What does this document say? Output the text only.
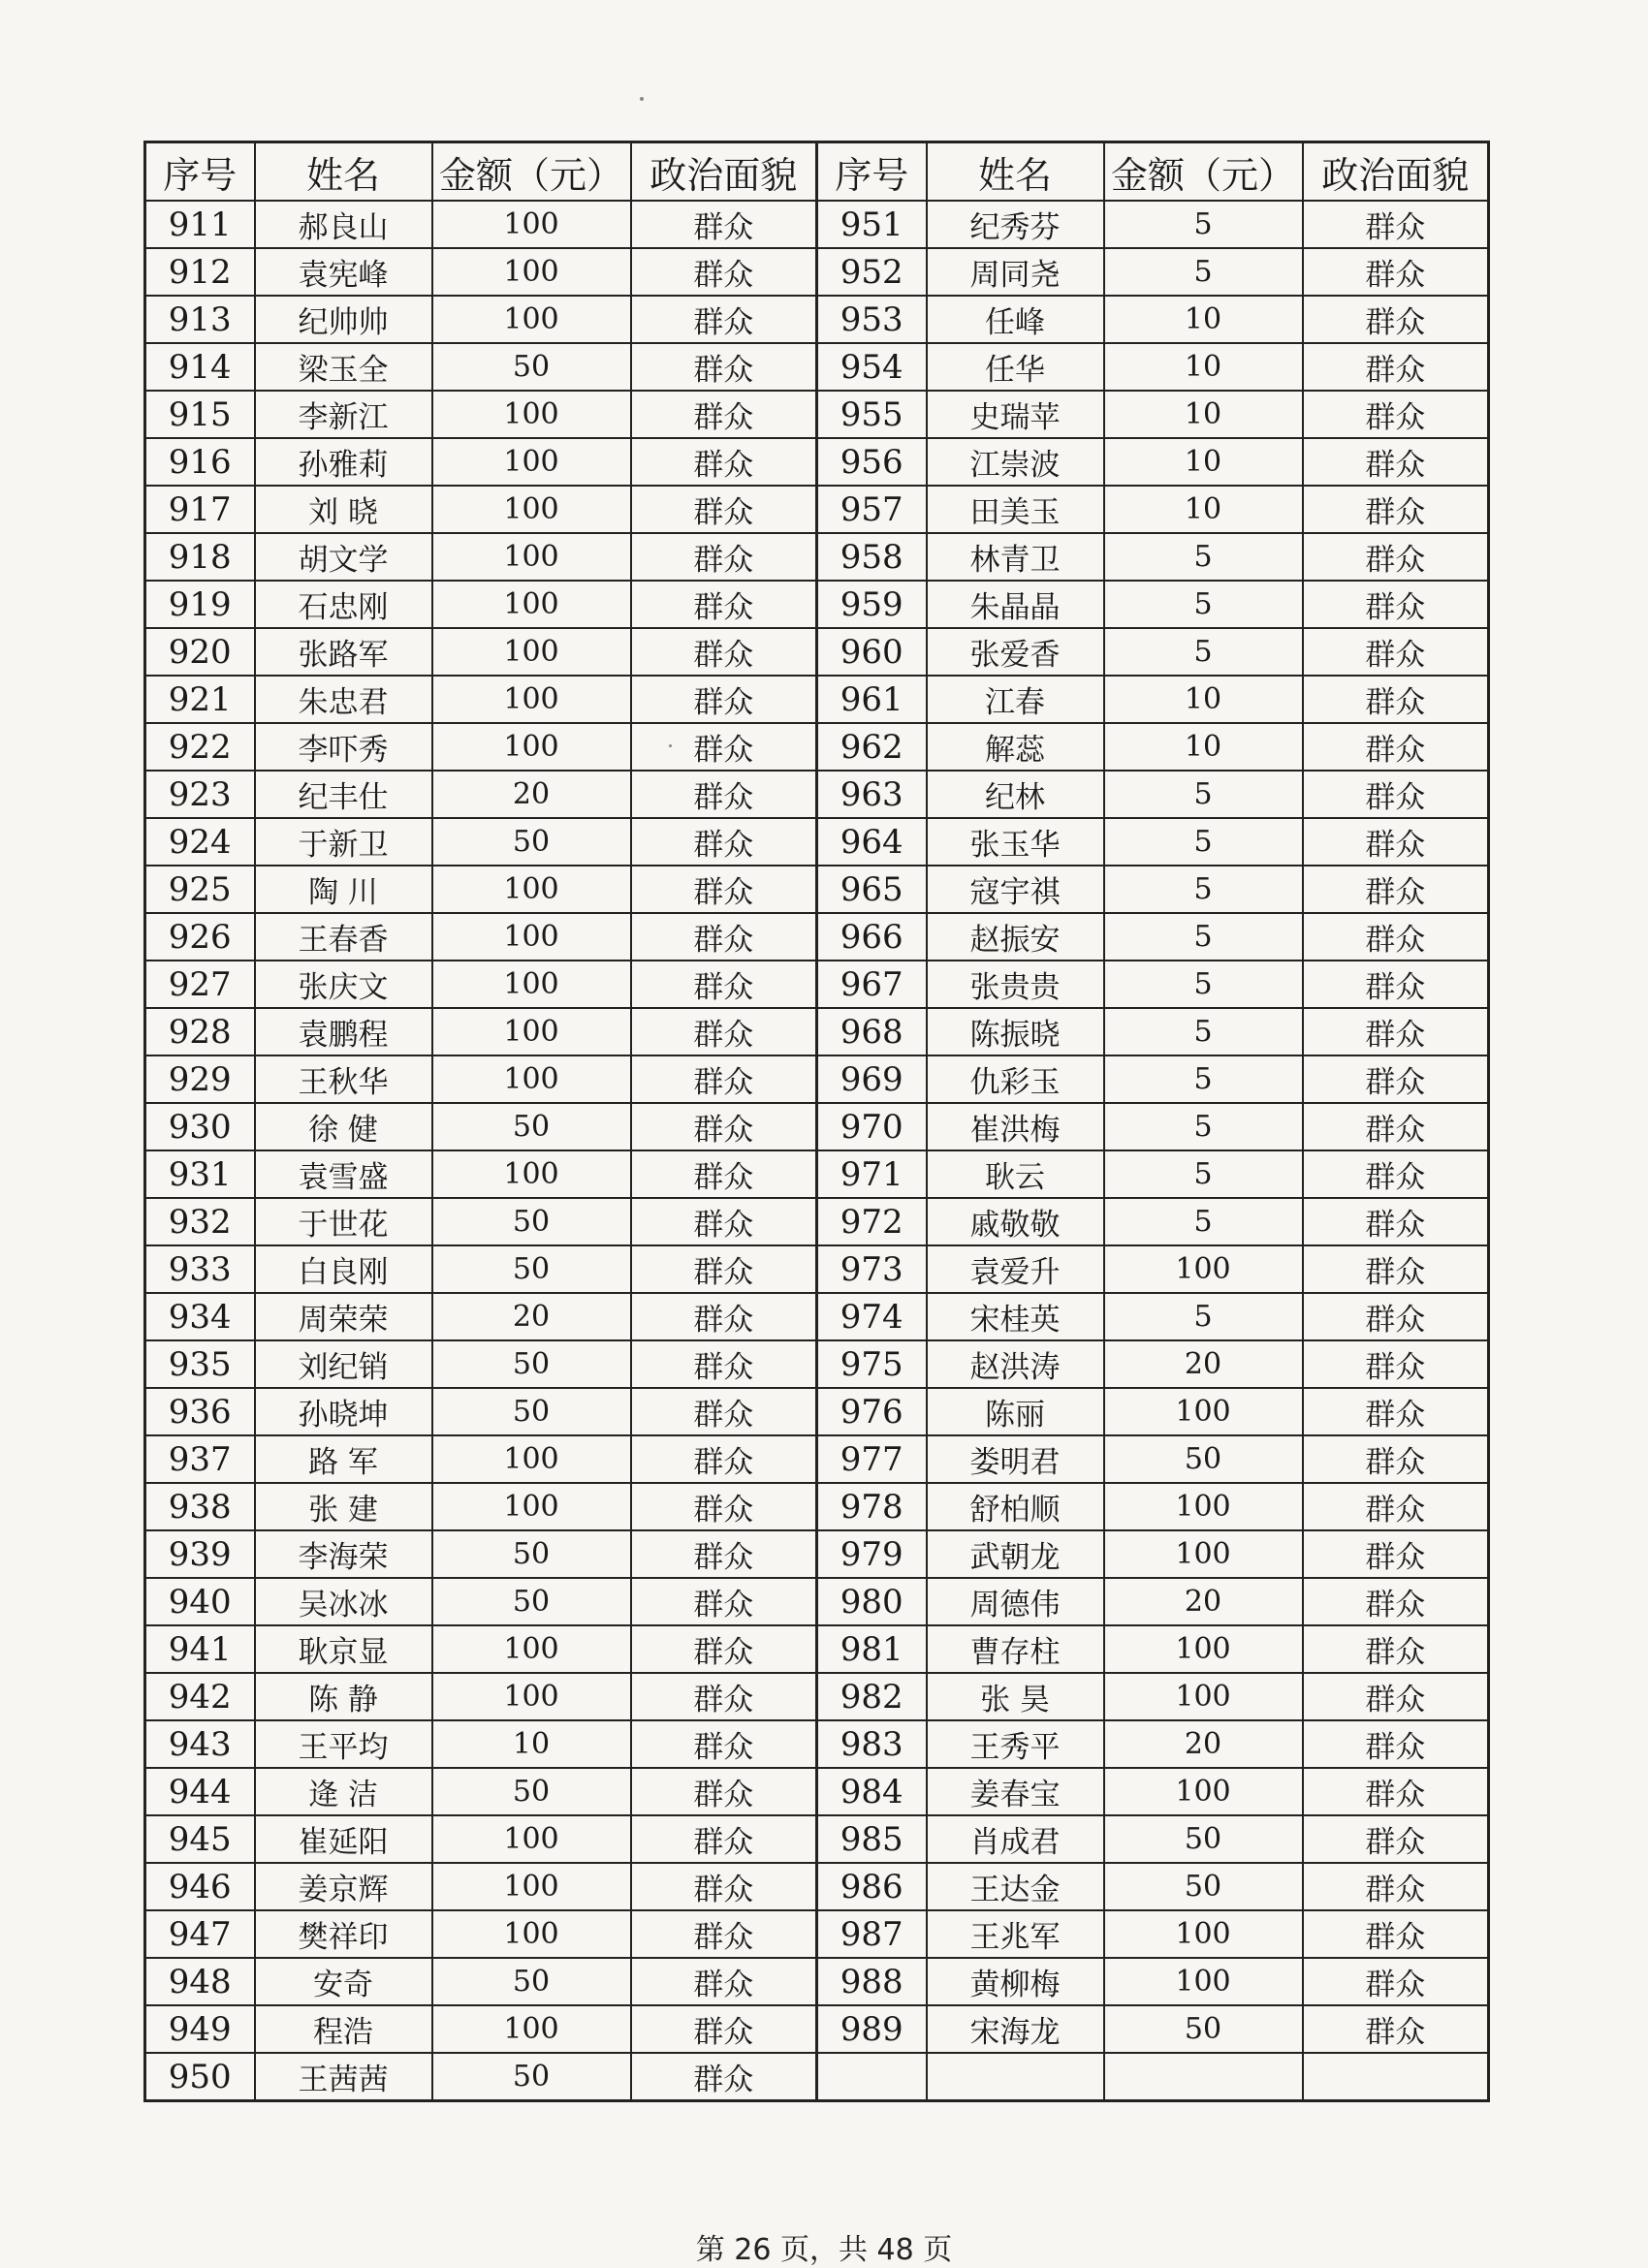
序号	姓名	金额（元）	政治面貌	序号	姓名	金额（元）	政治面貌
911	郝良山	100	群众	951	纪秀芬	5	群众
912	袁宪峰	100	群众	952	周同尧	5	群众
913	纪帅帅	100	群众	953	任峰	10	群众
914	梁玉全	50	群众	954	任华	10	群众
915	李新江	100	群众	955	史瑞苹	10	群众
916	孙雅莉	100	群众	956	江崇波	10	群众
917	刘 晓	100	群众	957	田美玉	10	群众
918	胡文学	100	群众	958	林青卫	5	群众
919	石忠刚	100	群众	959	朱晶晶	5	群众
920	张路军	100	群众	960	张爱香	5	群众
921	朱忠君	100	群众	961	江春	10	群众
922	李吓秀	100	群众	962	解蕊	10	群众
923	纪丰仕	20	群众	963	纪林	5	群众
924	于新卫	50	群众	964	张玉华	5	群众
925	陶 川	100	群众	965	寇宇祺	5	群众
926	王春香	100	群众	966	赵振安	5	群众
927	张庆文	100	群众	967	张贵贵	5	群众
928	袁鹏程	100	群众	968	陈振晓	5	群众
929	王秋华	100	群众	969	仇彩玉	5	群众
930	徐 健	50	群众	970	崔洪梅	5	群众
931	袁雪盛	100	群众	971	耿云	5	群众
932	于世花	50	群众	972	戚敬敬	5	群众
933	白良刚	50	群众	973	袁爱升	100	群众
934	周荣荣	20	群众	974	宋桂英	5	群众
935	刘纪销	50	群众	975	赵洪涛	20	群众
936	孙晓坤	50	群众	976	陈丽	100	群众
937	路 军	100	群众	977	娄明君	50	群众
938	张 建	100	群众	978	舒柏顺	100	群众
939	李海荣	50	群众	979	武朝龙	100	群众
940	吴冰冰	50	群众	980	周德伟	20	群众
941	耿京显	100	群众	981	曹存柱	100	群众
942	陈 静	100	群众	982	张 昊	100	群众
943	王平均	10	群众	983	王秀平	20	群众
944	逄 洁	50	群众	984	姜春宝	100	群众
945	崔延阳	100	群众	985	肖成君	50	群众
946	姜京辉	100	群众	986	王达金	50	群众
947	樊祥印	100	群众	987	王兆军	100	群众
948	安奇	50	群众	988	黄柳梅	100	群众
949	程浩	100	群众	989	宋海龙	50	群众
950	王茜茜	50	群众				
第 26 页，共 48 页
